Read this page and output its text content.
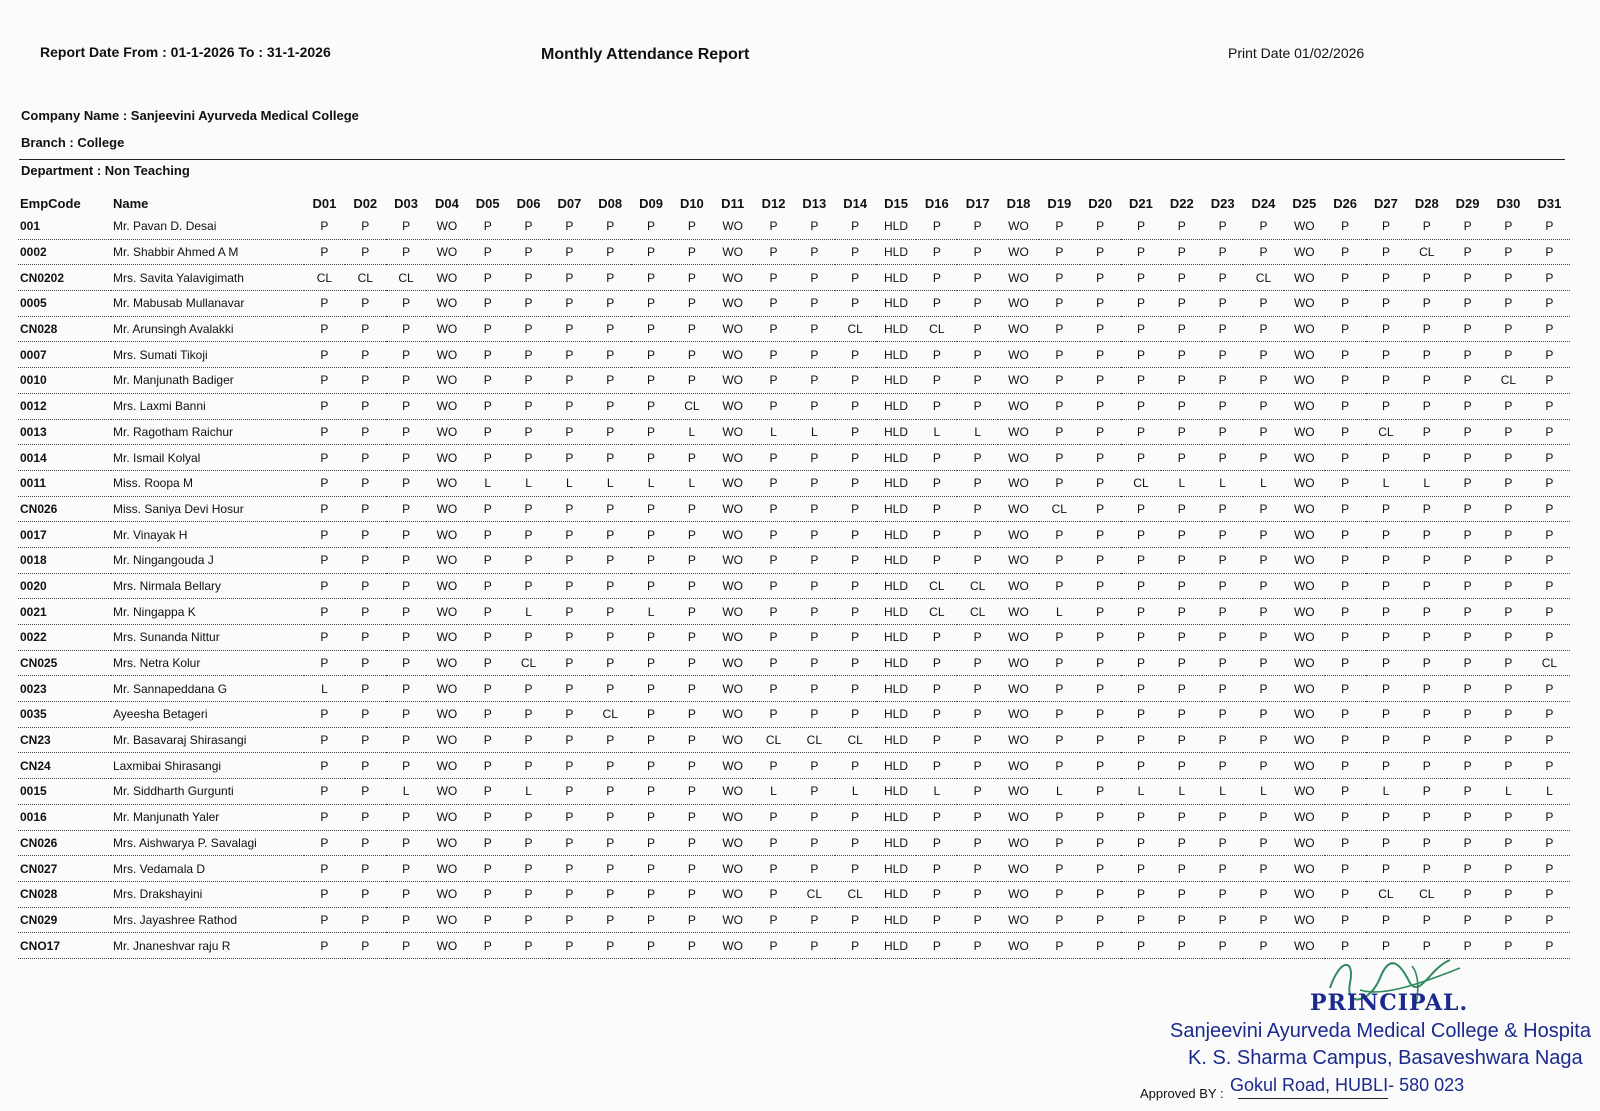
Report Date From : 01-1-2026 To : 31-1-2026	Monthly Attendance Report	Print Date 01/02/2026
Company Name : Sanjeevini Ayurveda Medical College
Branch : College
Department : Non Teaching
EmpCode	Name	D01	D02	D03	D04	D05	D06	D07	D08	D09	D10	D11	D12	D13	D14	D15	D16	D17	D18	D19	D20	D21	D22	D23	D24	D25	D26	D27	D28	D29	D30	D31
001	Mr. Pavan D. Desai	P	P	P	WO	P	P	P	P	P	P	WO	P	P	P	HLD	P	P	WO	P	P	P	P	P	P	WO	P	P	P	P	P	P
0002	Mr. Shabbir Ahmed A M	P	P	P	WO	P	P	P	P	P	P	WO	P	P	P	HLD	P	P	WO	P	P	P	P	P	P	WO	P	P	CL	P	P	P
CN0202	Mrs. Savita Yalavigimath	CL	CL	CL	WO	P	P	P	P	P	P	WO	P	P	P	HLD	P	P	WO	P	P	P	P	P	CL	WO	P	P	P	P	P	P
0005	Mr. Mabusab Mullanavar	P	P	P	WO	P	P	P	P	P	P	WO	P	P	P	HLD	P	P	WO	P	P	P	P	P	P	WO	P	P	P	P	P	P
CN028	Mr. Arunsingh Avalakki	P	P	P	WO	P	P	P	P	P	P	WO	P	P	CL	HLD	CL	P	WO	P	P	P	P	P	P	WO	P	P	P	P	P	P
0007	Mrs. Sumati Tikoji	P	P	P	WO	P	P	P	P	P	P	WO	P	P	P	HLD	P	P	WO	P	P	P	P	P	P	WO	P	P	P	P	P	P
0010	Mr. Manjunath Badiger	P	P	P	WO	P	P	P	P	P	P	WO	P	P	P	HLD	P	P	WO	P	P	P	P	P	P	WO	P	P	P	P	CL	P
0012	Mrs. Laxmi Banni	P	P	P	WO	P	P	P	P	P	CL	WO	P	P	P	HLD	P	P	WO	P	P	P	P	P	P	WO	P	P	P	P	P	P
0013	Mr. Ragotham Raichur	P	P	P	WO	P	P	P	P	P	L	WO	L	L	P	HLD	L	L	WO	P	P	P	P	P	P	WO	P	CL	P	P	P	P
0014	Mr. Ismail Kolyal	P	P	P	WO	P	P	P	P	P	P	WO	P	P	P	HLD	P	P	WO	P	P	P	P	P	P	WO	P	P	P	P	P	P
0011	Miss. Roopa M	P	P	P	WO	L	L	L	L	L	L	WO	P	P	P	HLD	P	P	WO	P	P	CL	L	L	L	WO	P	L	L	P	P	P
CN026	Miss. Saniya Devi Hosur	P	P	P	WO	P	P	P	P	P	P	WO	P	P	P	HLD	P	P	WO	CL	P	P	P	P	P	WO	P	P	P	P	P	P
0017	Mr. Vinayak H	P	P	P	WO	P	P	P	P	P	P	WO	P	P	P	HLD	P	P	WO	P	P	P	P	P	P	WO	P	P	P	P	P	P
0018	Mr. Ningangouda J	P	P	P	WO	P	P	P	P	P	P	WO	P	P	P	HLD	P	P	WO	P	P	P	P	P	P	WO	P	P	P	P	P	P
0020	Mrs. Nirmala Bellary	P	P	P	WO	P	P	P	P	P	P	WO	P	P	P	HLD	CL	CL	WO	P	P	P	P	P	P	WO	P	P	P	P	P	P
0021	Mr. Ningappa K	P	P	P	WO	P	L	P	P	L	P	WO	P	P	P	HLD	CL	CL	WO	L	P	P	P	P	P	WO	P	P	P	P	P	P
0022	Mrs. Sunanda Nittur	P	P	P	WO	P	P	P	P	P	P	WO	P	P	P	HLD	P	P	WO	P	P	P	P	P	P	WO	P	P	P	P	P	P
CN025	Mrs. Netra Kolur	P	P	P	WO	P	CL	P	P	P	P	WO	P	P	P	HLD	P	P	WO	P	P	P	P	P	P	WO	P	P	P	P	P	CL
0023	Mr. Sannapeddana G	L	P	P	WO	P	P	P	P	P	P	WO	P	P	P	HLD	P	P	WO	P	P	P	P	P	P	WO	P	P	P	P	P	P
0035	Ayeesha Betageri	P	P	P	WO	P	P	P	CL	P	P	WO	P	P	P	HLD	P	P	WO	P	P	P	P	P	P	WO	P	P	P	P	P	P
CN23	Mr. Basavaraj Shirasangi	P	P	P	WO	P	P	P	P	P	P	WO	CL	CL	CL	HLD	P	P	WO	P	P	P	P	P	P	WO	P	P	P	P	P	P
CN24	Laxmibai Shirasangi	P	P	P	WO	P	P	P	P	P	P	WO	P	P	P	HLD	P	P	WO	P	P	P	P	P	P	WO	P	P	P	P	P	P
0015	Mr. Siddharth Gurgunti	P	P	L	WO	P	L	P	P	P	P	WO	L	P	L	HLD	L	P	WO	L	P	L	L	L	L	WO	P	L	P	P	L	L
0016	Mr. Manjunath Yaler	P	P	P	WO	P	P	P	P	P	P	WO	P	P	P	HLD	P	P	WO	P	P	P	P	P	P	WO	P	P	P	P	P	P
CN026	Mrs. Aishwarya P. Savalagi	P	P	P	WO	P	P	P	P	P	P	WO	P	P	P	HLD	P	P	WO	P	P	P	P	P	P	WO	P	P	P	P	P	P
CN027	Mrs. Vedamala D	P	P	P	WO	P	P	P	P	P	P	WO	P	P	P	HLD	P	P	WO	P	P	P	P	P	P	WO	P	P	P	P	P	P
CN028	Mrs. Drakshayini	P	P	P	WO	P	P	P	P	P	P	WO	P	CL	CL	HLD	P	P	WO	P	P	P	P	P	P	WO	P	CL	CL	P	P	P
CN029	Mrs. Jayashree Rathod	P	P	P	WO	P	P	P	P	P	P	WO	P	P	P	HLD	P	P	WO	P	P	P	P	P	P	WO	P	P	P	P	P	P
CNO17	Mr. Jnaneshvar raju R	P	P	P	WO	P	P	P	P	P	P	WO	P	P	P	HLD	P	P	WO	P	P	P	P	P	P	WO	P	P	P	P	P	P
PRINCIPAL.
Sanjeevini Ayurveda Medical College & Hospita
K. S. Sharma Campus, Basaveshwara Naga
Gokul Road, HUBLI- 580 023
Approved BY :
